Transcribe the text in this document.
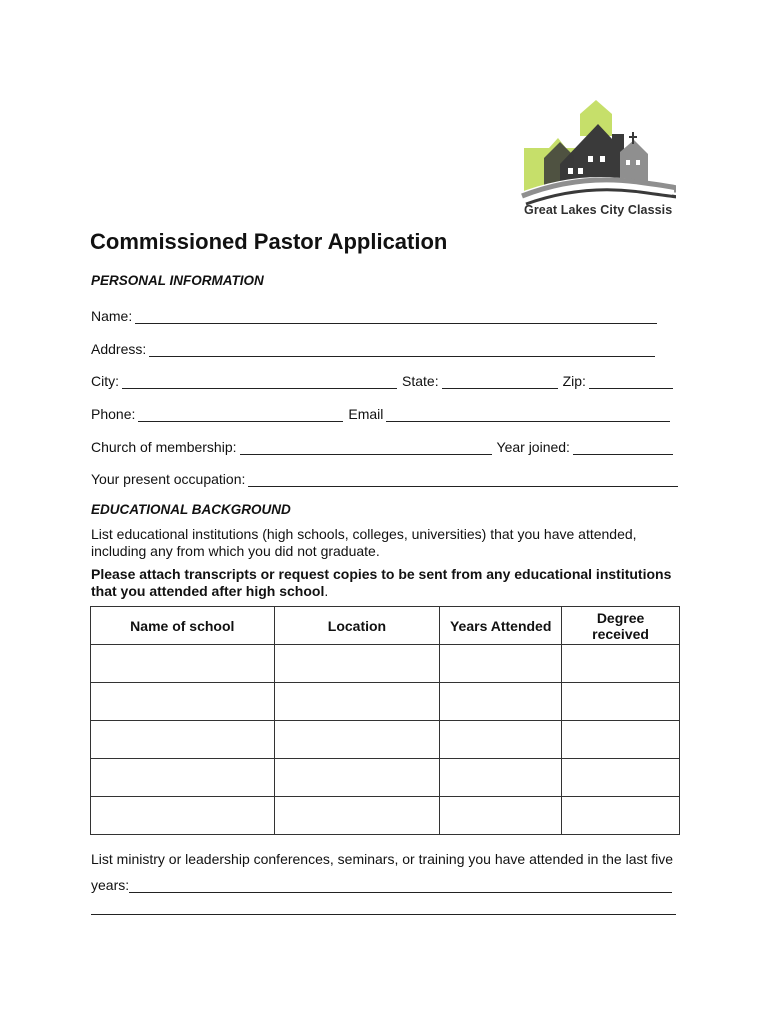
Great Lakes City Classis
Commissioned Pastor Application
PERSONAL INFORMATION
Name:
Address:
City:	State:	Zip:
Phone:	Email
Church of membership:	Year joined:
Your present occupation:
EDUCATIONAL BACKGROUND

List educational institutions (high schools, colleges, universities) that you have attended, including any from which you did not graduate.

Please attach transcripts or request copies to be sent from any educational institutions that you attended after high school.

Name of school	Location	Years Attended	Degree received

List ministry or leadership conferences, seminars, or training you have attended in the last five

years:
